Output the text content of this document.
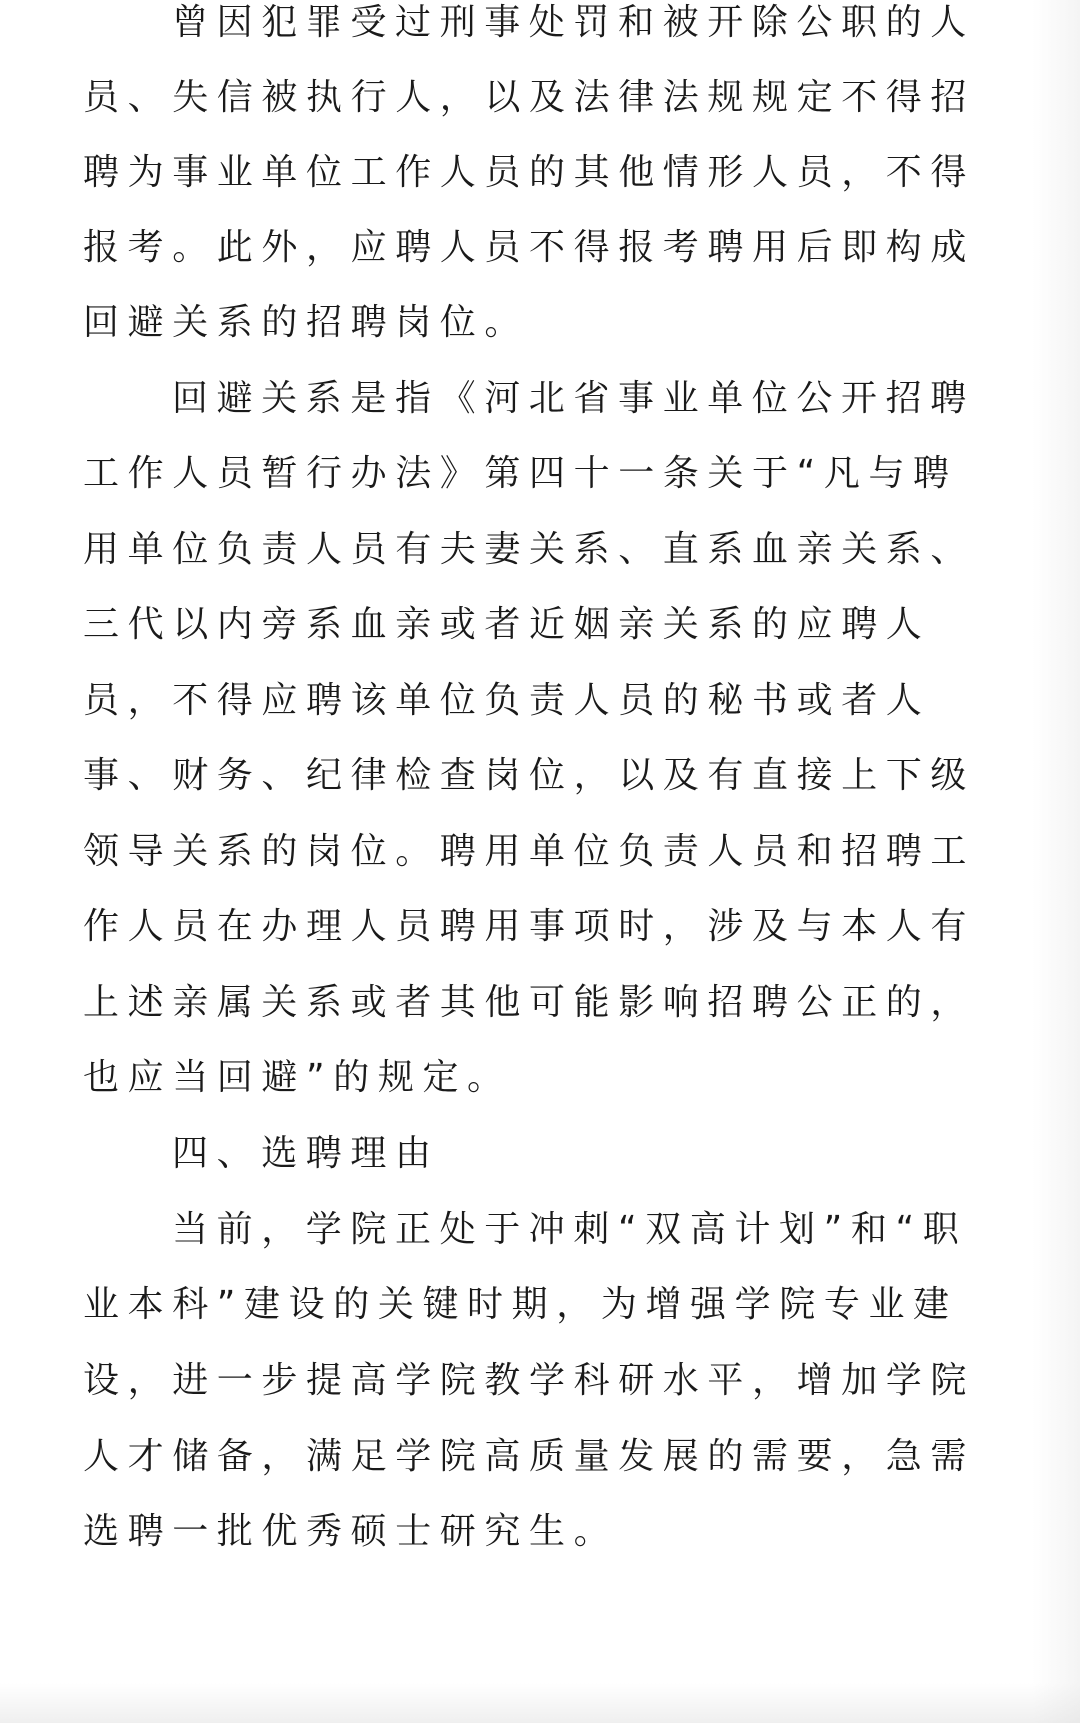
曾因犯罪受过刑事处罚和被开除公职的人
员、失信被执行人，以及法律法规规定不得招
聘为事业单位工作人员的其他情形人员，不得
报考。此外，应聘人员不得报考聘用后即构成
回避关系的招聘岗位。
回避关系是指《河北省事业单位公开招聘
工作人员暂行办法》第四十一条关于“凡与聘
用单位负责人员有夫妻关系、直系血亲关系、
三代以内旁系血亲或者近姻亲关系的应聘人
员，不得应聘该单位负责人员的秘书或者人
事、财务、纪律检查岗位，以及有直接上下级
领导关系的岗位。聘用单位负责人员和招聘工
作人员在办理人员聘用事项时，涉及与本人有
上述亲属关系或者其他可能影响招聘公正的，
也应当回避”的规定。
四、选聘理由
当前，学院正处于冲刺“双高计划”和“职
业本科”建设的关键时期，为增强学院专业建
设，进一步提高学院教学科研水平，增加学院
人才储备，满足学院高质量发展的需要，急需
选聘一批优秀硕士研究生。
